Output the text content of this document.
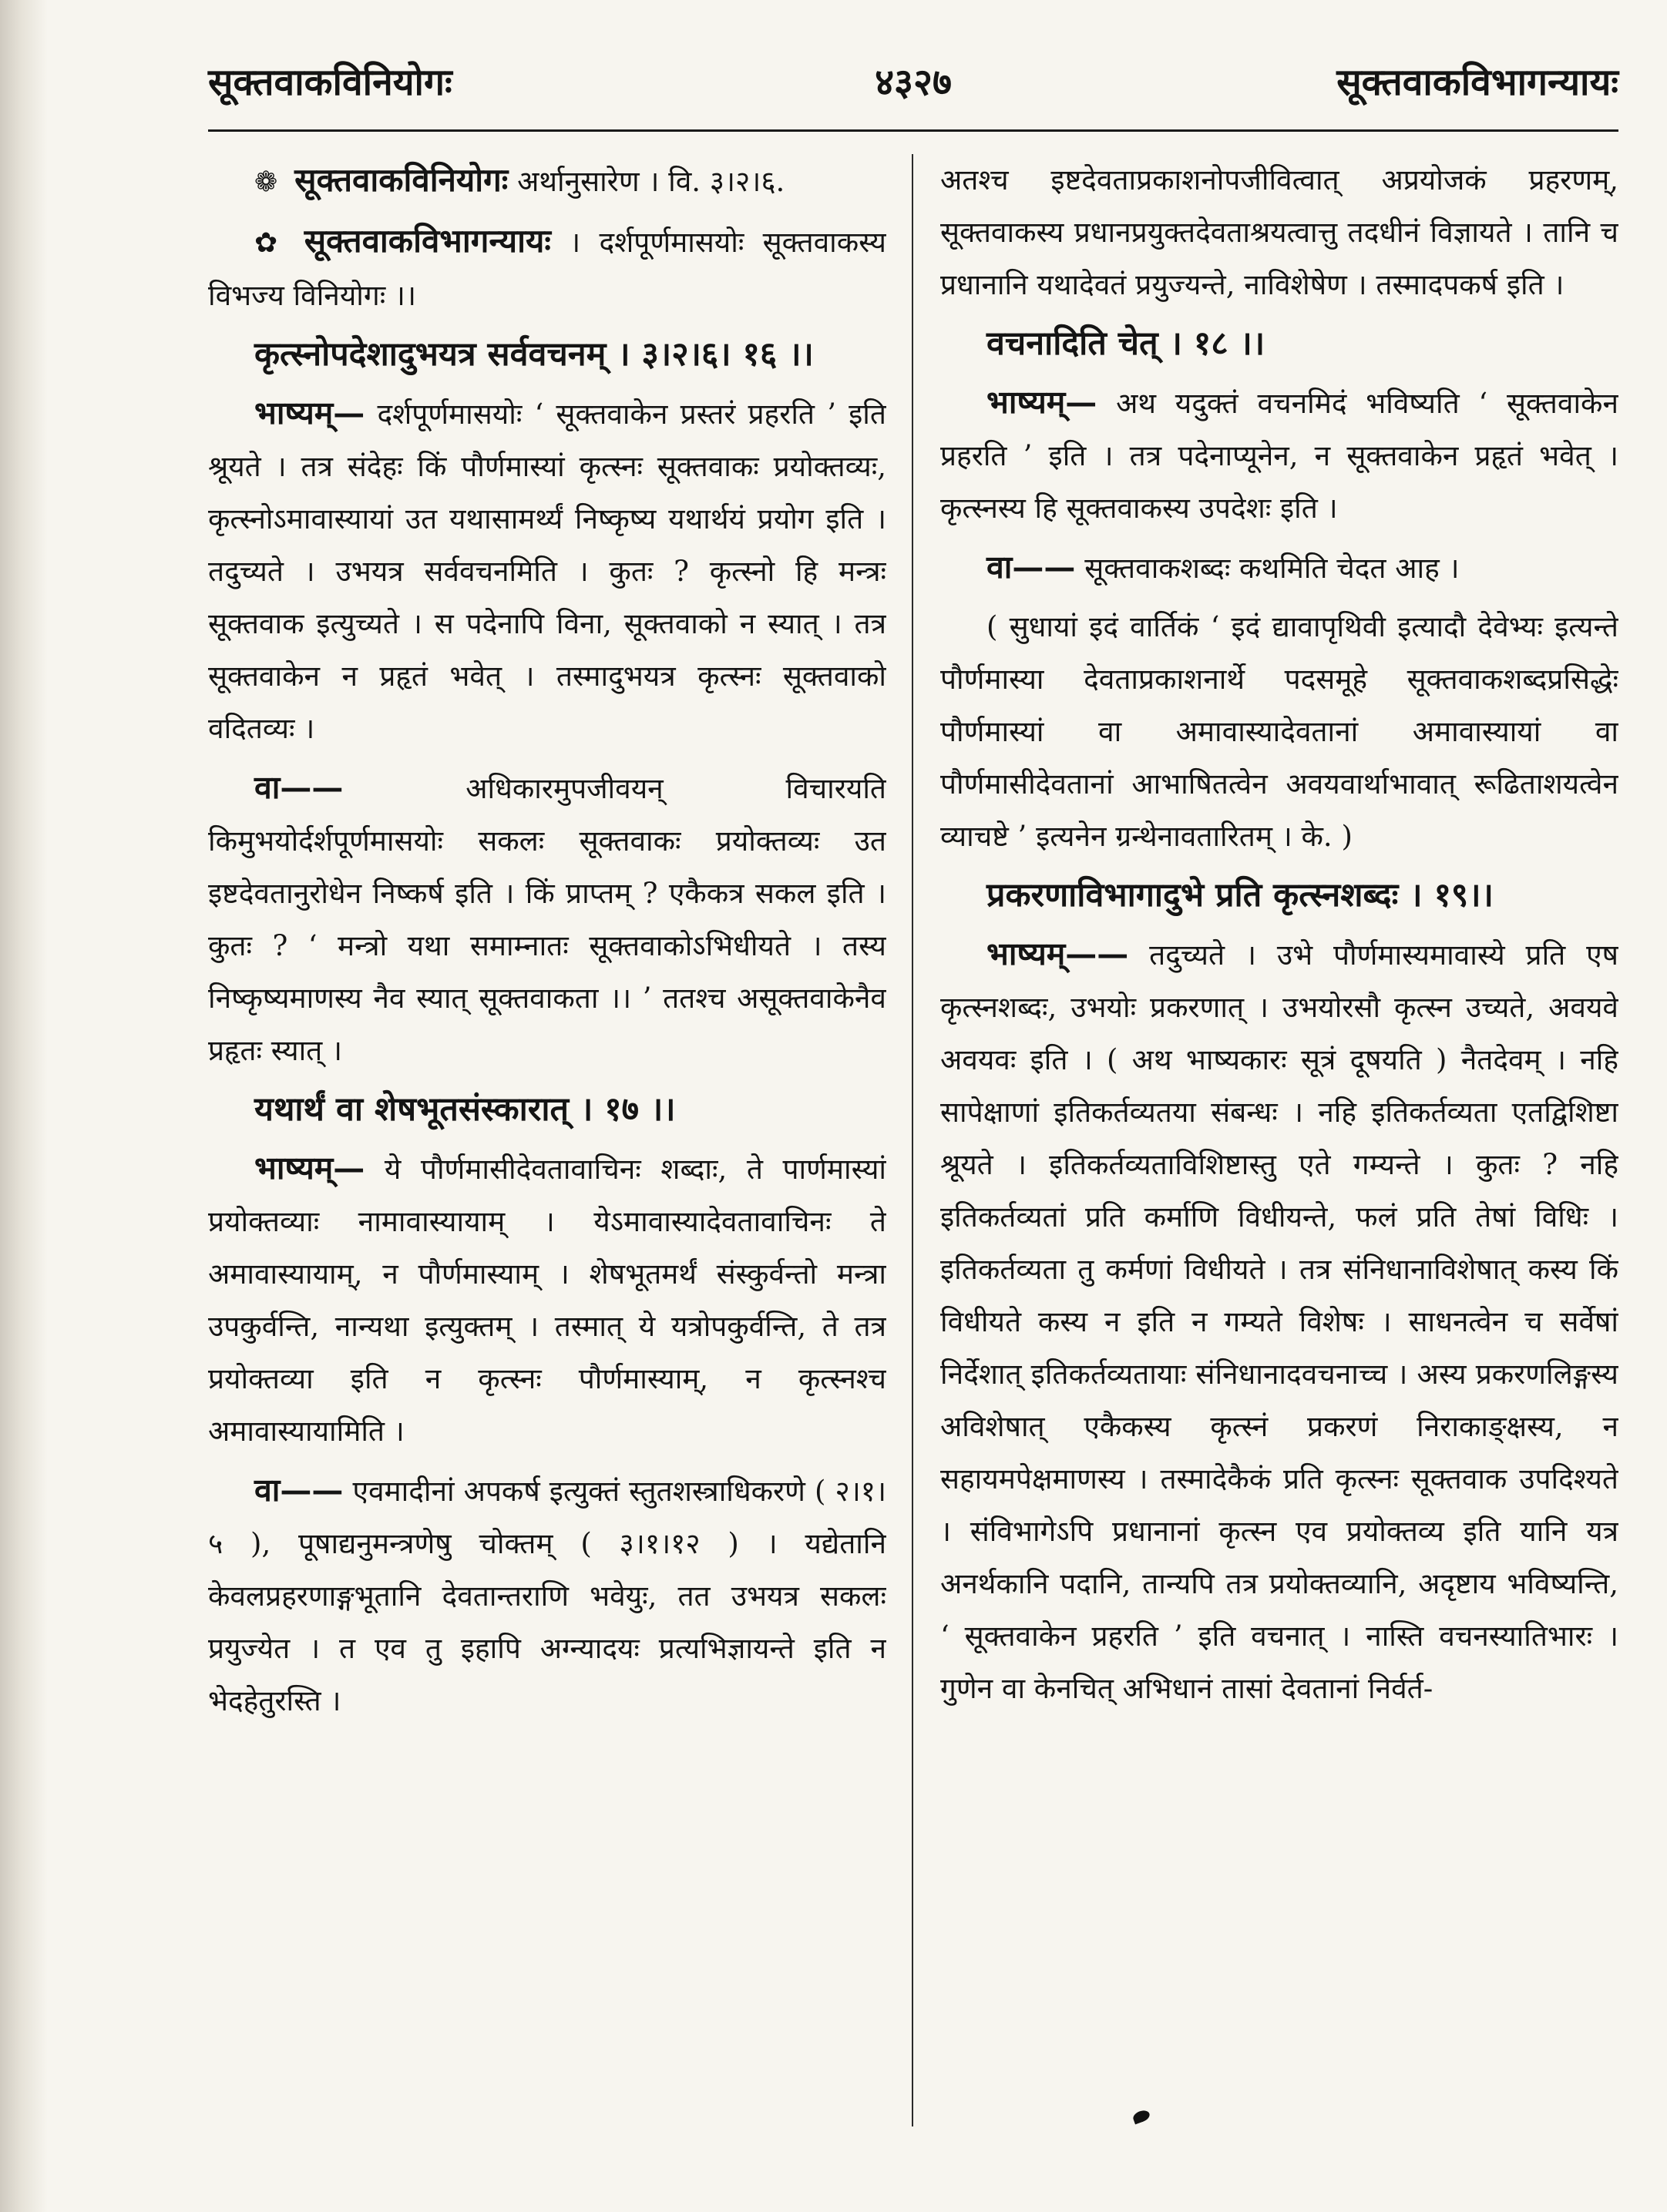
सूक्तवाकविनियोगः	४३२७	सूक्तवाकविभागन्यायः

❁ सूक्तवाकविनियोगः अर्थानुसारेण । वि. ३।२।६.

✿ सूक्तवाकविभागन्यायः । दर्शपूर्णमासयोः सूक्तवाकस्य विभज्य विनियोगः ।।

कृत्स्नोपदेशादुभयत्र सर्ववचनम् । ३।२।६। १६ ।।

भाष्यम्— दर्शपूर्णमासयोः ‘ सूक्तवाकेन प्रस्तरं प्रहरति ’ इति श्रूयते । तत्र संदेहः किं पौर्णमास्यां कृत्स्नः सूक्तवाकः प्रयोक्तव्यः, कृत्स्नोऽमावास्यायां उत यथासामर्थ्यं निष्कृष्य यथार्थयं प्रयोग इति । तदुच्यते । उभयत्र सर्ववचनमिति । कुतः ? कृत्स्नो हि मन्त्रः सूक्तवाक इत्युच्यते । स पदेनापि विना, सूक्तवाको न स्यात् । तत्र सूक्तवाकेन न प्रहृतं भवेत् । तस्मादुभयत्र कृत्स्नः सूक्तवाको वदितव्यः ।

वा——	अधिकारमुपजीवयन् विचारयति किमुभयोर्दर्शपूर्णमासयोः सकलः सूक्तवाकः प्रयोक्तव्यः उत इष्टदेवतानुरोधेन निष्कर्ष इति । किं प्राप्तम् ? एकैकत्र सकल इति । कुतः ? ‘ मन्त्रो यथा समाम्नातः सूक्तवाकोऽभिधीयते । तस्य निष्कृष्यमाणस्य नैव स्यात् सूक्तवाकता ।। ’ ततश्च असूक्तवाकेनैव प्रहृतः स्यात् ।

यथार्थं वा शेषभूतसंस्कारात् । १७ ।।

भाष्यम्— ये पौर्णमासीदेवतावाचिनः शब्दाः, ते पार्णमास्यां प्रयोक्तव्याः नामावास्यायाम् । येऽमावास्यादेवतावाचिनः ते अमावास्यायाम्, न पौर्णमास्याम् । शेषभूतमर्थं संस्कुर्वन्तो मन्त्रा उपकुर्वन्ति, नान्यथा इत्युक्तम् । तस्मात् ये यत्रोपकुर्वन्ति, ते तत्र प्रयोक्तव्या इति न कृत्स्नः पौर्णमास्याम्, न कृत्स्नश्च अमावास्यायामिति ।

वा—— एवमादीनां अपकर्ष इत्युक्तं स्तुतशस्त्राधिकरणे ( २।१।५ ), पूषाद्यनुमन्त्रणेषु चोक्तम् ( ३।१।१२ ) । यद्येतानि केवलप्रहरणाङ्गभूतानि देवतान्तराणि भवेयुः, तत उभयत्र सकलः प्रयुज्येत । त एव तु इहापि अग्न्यादयः प्रत्यभिज्ञायन्ते इति न भेदहेतुरस्ति ।

अतश्च इष्टदेवताप्रकाशनोपजीवित्वात् अप्रयोजकं प्रहरणम्, सूक्तवाकस्य प्रधानप्रयुक्तदेवताश्रयत्वात्तु तदधीनं विज्ञायते । तानि च प्रधानानि यथादेवतं प्रयुज्यन्ते, नाविशेषेण । तस्मादपकर्ष इति ।

वचनादिति चेत् । १८ ।।

भाष्यम्— अथ यदुक्तं वचनमिदं भविष्यति ‘ सूक्तवाकेन प्रहरति ’ इति । तत्र पदेनाप्यूनेन, न सूक्तवाकेन प्रहृतं भवेत् । कृत्स्नस्य हि सूक्तवाकस्य उपदेशः इति ।

वा—— सूक्तवाकशब्दः कथमिति चेदत आह ।

( सुधायां इदं वार्तिकं ‘ इदं द्यावापृथिवी इत्यादौ देवेभ्यः इत्यन्ते पौर्णमास्या देवताप्रकाशनार्थे पदसमूहे सूक्तवाकशब्दप्रसिद्धेः पौर्णमास्यां वा अमावास्यादेवतानां अमावास्यायां वा पौर्णमासीदेवतानां आभाषितत्वेन अवयवार्थाभावात् रूढिताशयत्वेन व्याचष्टे ’ इत्यनेन ग्रन्थेनावतारितम् । के. )

प्रकरणाविभागादुभे प्रति कृत्स्नशब्दः । १९।।

भाष्यम्—— तदुच्यते । उभे पौर्णमास्यमावास्ये प्रति एष कृत्स्नशब्दः, उभयोः प्रकरणात् । उभयोरसौ कृत्स्न उच्यते, अवयवे अवयवः इति । ( अथ भाष्यकारः सूत्रं दूषयति ) नैतदेवम् । नहि सापेक्षाणां इतिकर्तव्यतया संबन्धः । नहि इतिकर्तव्यता एतद्विशिष्टा श्रूयते । इतिकर्तव्यताविशिष्टास्तु एते गम्यन्ते । कुतः ? नहि इतिकर्तव्यतां प्रति कर्माणि विधीयन्ते, फलं प्रति तेषां विधिः । इतिकर्तव्यता तु कर्मणां विधीयते । तत्र संनिधानाविशेषात् कस्य किं विधीयते कस्य न इति न गम्यते विशेषः । साधनत्वेन च सर्वेषां निर्देशात् इतिकर्तव्यतायाः संनिधानादवचनाच्च । अस्य प्रकरणलिङ्गस्य अविशेषात् एकैकस्य कृत्स्नं प्रकरणं निराकाङ्क्षस्य, न सहायमपेक्षमाणस्य । तस्मादेकैकं प्रति कृत्स्नः सूक्तवाक उपदिश्यते । संविभागेऽपि प्रधानानां कृत्स्न एव प्रयोक्तव्य इति यानि यत्र अनर्थकानि पदानि, तान्यपि तत्र प्रयोक्तव्यानि, अदृष्टाय भविष्यन्ति, ‘ सूक्तवाकेन प्रहरति ’ इति वचनात् । नास्ति वचनस्यातिभारः । गुणेन वा केनचित् अभिधानं तासां देवतानां निर्वर्त-
